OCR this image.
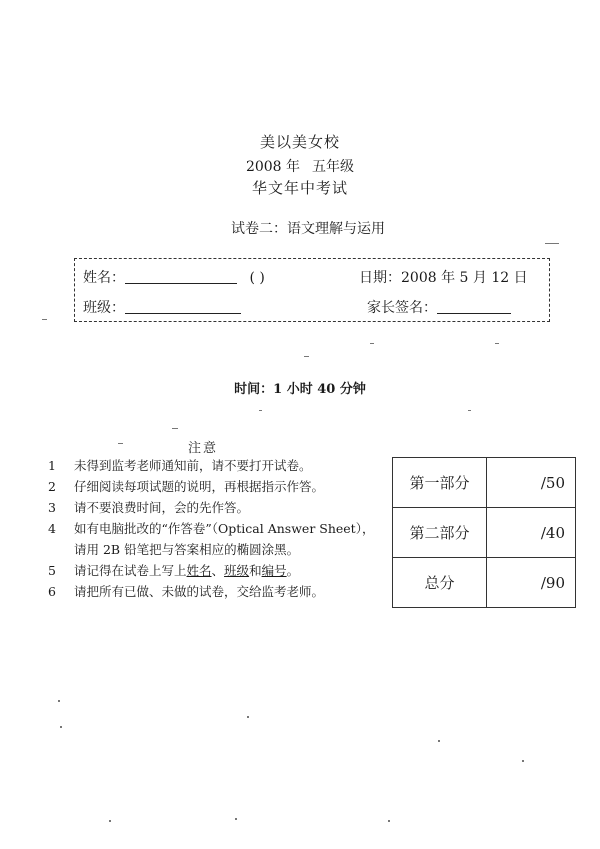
美以美女校
2008 年 五年级
华文年中考试
试卷二：语文理解与运用
姓名：	( )	日期：2008 年 5 月 12 日
班级：	家长签名：
时间：1 小时 40 分钟
注意
1 未得到监考老师通知前，请不要打开试卷。
2 仔细阅读每项试题的说明，再根据指示作答。
3 请不要浪费时间，会的先作答。
4 如有电脑批改的“作答卷”（Optical Answer Sheet），请用 2B 铅笔把与答案相应的椭圆涂黑。
5 请记得在试卷上写上姓名、班级和编号。
6 请把所有已做、未做的试卷，交给监考老师。
第一部分	/50
第二部分	/40
总分	/90
